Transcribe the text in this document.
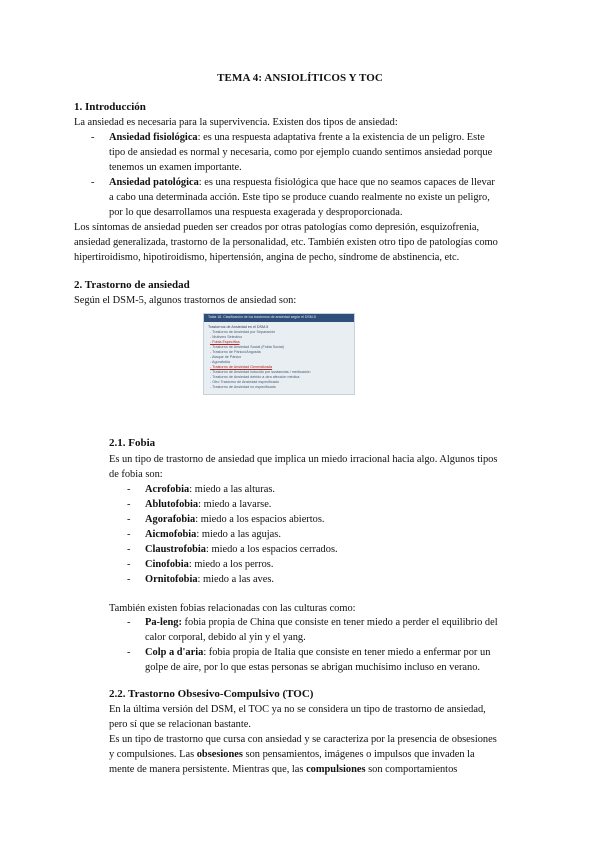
TEMA 4: ANSIOLÍTICOS Y TOC
1. Introducción
La ansiedad es necesaria para la supervivencia. Existen dos tipos de ansiedad:
- Ansiedad fisiológica: es una respuesta adaptativa frente a la existencia de un peligro. Este
tipo de ansiedad es normal y necesaria, como por ejemplo cuando sentimos ansiedad porque
tenemos un examen importante.
- Ansiedad patológica: es una respuesta fisiológica que hace que no seamos capaces de llevar
a cabo una determinada acción. Este tipo se produce cuando realmente no existe un peligro,
por lo que desarrollamos una respuesta exagerada y desproporcionada.
Los síntomas de ansiedad pueden ser creados por otras patologías como depresión, esquizofrenia,
ansiedad generalizada, trastorno de la personalidad, etc. También existen otro tipo de patologías como
hipertiroidismo, hipotiroidismo, hipertensión, angina de pecho, síndrome de abstinencia, etc.
2. Trastorno de ansiedad
Según el DSM-5, algunos trastornos de ansiedad son:
Tabla 18. Clasificación de los trastornos de ansiedad según el DSM-5
Trastornos de Ansiedad en el DSM-5
- Trastorno de Ansiedad por Separación
- Mutismo Selectivo
- Fobia Específica
- Trastorno de Ansiedad Social (Fobia Social)
- Trastorno de Pánico/Angustia
- Ataque de Pánico
- Agorafobia
- Trastorno de Ansiedad Generalizada
- Trastorno de Ansiedad inducido por sustancias / medicación
- Trastorno de Ansiedad debido a otra afección médica
- Otro Trastorno de Ansiedad especificado
- Trastorno de Ansiedad no especificado
2.1. Fobia
Es un tipo de trastorno de ansiedad que implica un miedo irracional hacia algo. Algunos tipos
de fobia son:
- Acrofobia: miedo a las alturas.
- Ablutofobia: miedo a lavarse.
- Agorafobia: miedo a los espacios abiertos.
- Aicmofobia: miedo a las agujas.
- Claustrofobia: miedo a los espacios cerrados.
- Cinofobia: miedo a los perros.
- Ornitofobia: miedo a las aves.
También existen fobias relacionadas con las culturas como:
- Pa-leng: fobia propia de China que consiste en tener miedo a perder el equilibrio del
calor corporal, debido al yin y el yang.
- Colp a d'aria: fobia propia de Italia que consiste en tener miedo a enfermar por un
golpe de aire, por lo que estas personas se abrigan muchísimo incluso en verano.
2.2. Trastorno Obsesivo-Compulsivo (TOC)
En la última versión del DSM, el TOC ya no se considera un tipo de trastorno de ansiedad,
pero sí que se relacionan bastante.
Es un tipo de trastorno que cursa con ansiedad y se caracteriza por la presencia de obsesiones
y compulsiones. Las obsesiones son pensamientos, imágenes o impulsos que invaden la
mente de manera persistente. Mientras que, las compulsiones son comportamientos
